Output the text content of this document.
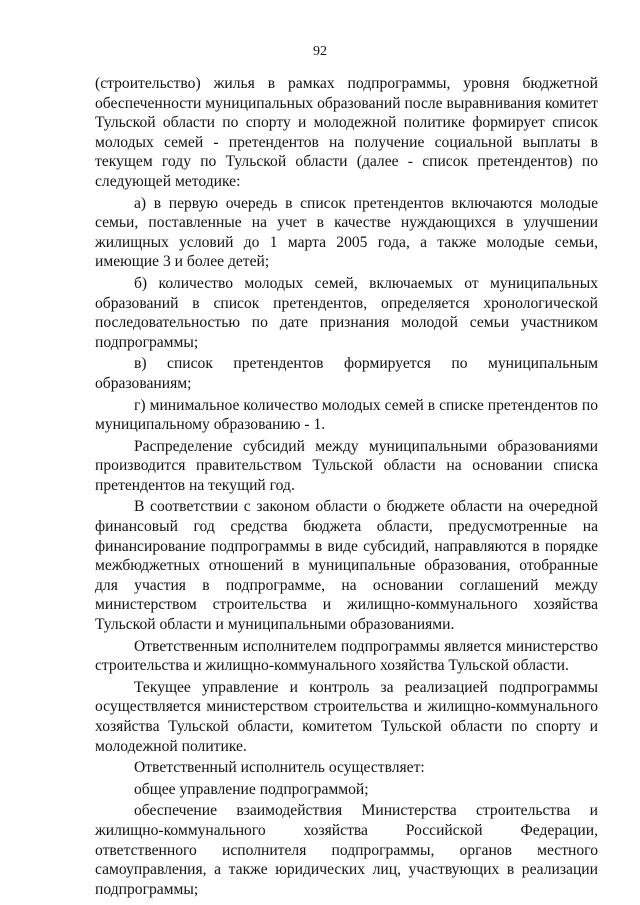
92

(строительство) жилья в рамках подпрограммы, уровня бюджетной обеспеченности муниципальных образований после выравнивания комитет Тульской области по спорту и молодежной политике формирует список молодых семей - претендентов на получение социальной выплаты в текущем году по Тульской области (далее - список претендентов) по следующей методике:

а) в первую очередь в список претендентов включаются молодые семьи, поставленные на учет в качестве нуждающихся в улучшении жилищных условий до 1 марта 2005 года, а также молодые семьи, имеющие 3 и более детей;

б) количество молодых семей, включаемых от муниципальных образований в список претендентов, определяется хронологической последовательностью по дате признания молодой семьи участником подпрограммы;

в) список претендентов формируется по муниципальным образованиям;

г) минимальное количество молодых семей в списке претендентов по муниципальному образованию - 1.

Распределение субсидий между муниципальными образованиями производится правительством Тульской области на основании списка претендентов на текущий год.

В соответствии с законом области о бюджете области на очередной финансовый год средства бюджета области, предусмотренные на финансирование подпрограммы в виде субсидий, направляются в порядке межбюджетных отношений в муниципальные образования, отобранные для участия в подпрограмме, на основании соглашений между министерством строительства и жилищно-коммунального хозяйства Тульской области и муниципальными образованиями.

Ответственным исполнителем подпрограммы является министерство строительства и жилищно-коммунального хозяйства Тульской области.

Текущее управление и контроль за реализацией подпрограммы осуществляется министерством строительства и жилищно-коммунального хозяйства Тульской области, комитетом Тульской области по спорту и молодежной политике.

Ответственный исполнитель осуществляет:

общее управление подпрограммой;

обеспечение взаимодействия Министерства строительства и жилищно-коммунального хозяйства Российской Федерации, ответственного исполнителя подпрограммы, органов местного самоуправления, а также юридических лиц, участвующих в реализации подпрограммы;
